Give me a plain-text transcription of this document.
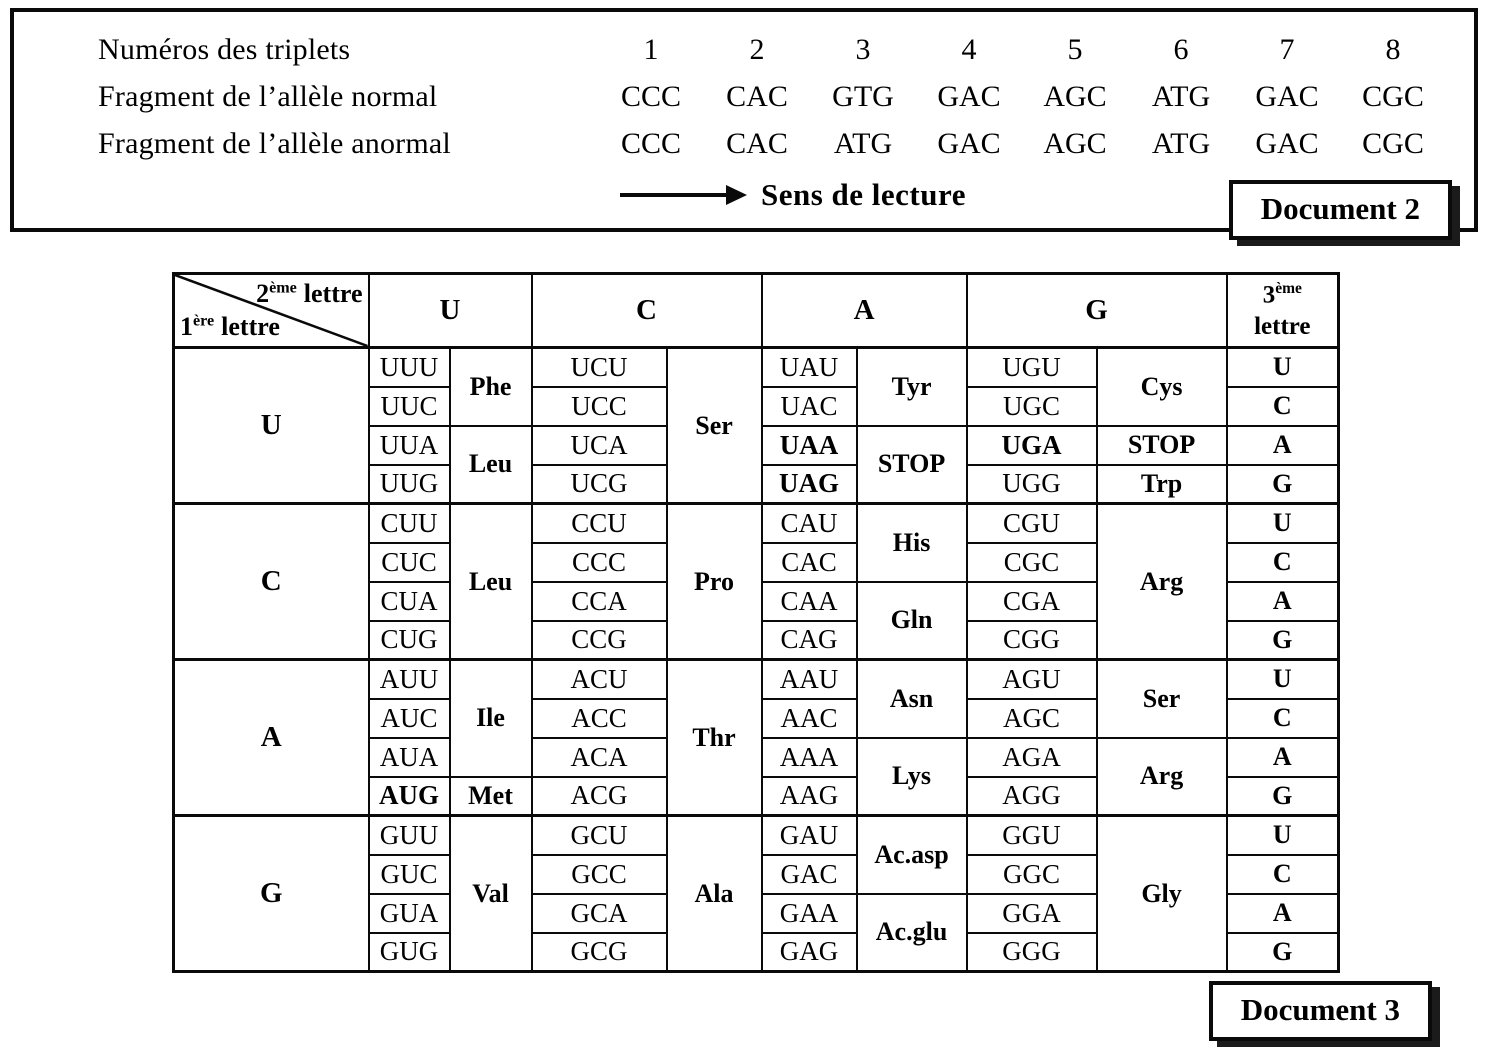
Numéros des triplets	1	2	3	4	5	6	7	8
Fragment de l’allèle normal	CCC	CAC	GTG	GAC	AGC	ATG	GAC	CGC
Fragment de l’allèle anormal	CCC	CAC	ATG	GAC	AGC	ATG	GAC	CGC
Sens de lecture	Document 2
2ème lettre
1ère lettre	U		C		A		G		3ème
lettre
U	UUU	Phe	UCU	Ser	UAU	Tyr	UGU	Cys	U
	UUC		UCC		UAC		UGC		C
	UUA	Leu	UCA		UAA	STOP	UGA	STOP	A
	UUG		UCG		UAG		UGG	Trp	G
C	CUU	Leu	CCU	Pro	CAU	His	CGU	Arg	U
	CUC		CCC		CAC		CGC		C
	CUA		CCA		CAA	Gln	CGA		A
	CUG		CCG		CAG		CGG		G
A	AUU	Ile	ACU	Thr	AAU	Asn	AGU	Ser	U
	AUC		ACC		AAC		AGC		C
	AUA		ACA		AAA	Lys	AGA	Arg	A
	AUG	Met	ACG		AAG		AGG		G
G	GUU	Val	GCU	Ala	GAU	Ac.asp	GGU	Gly	U
	GUC		GCC		GAC		GGC		C
	GUA		GCA		GAA	Ac.glu	GGA		A
	GUG		GCG		GAG		GGG		G
Document 3
